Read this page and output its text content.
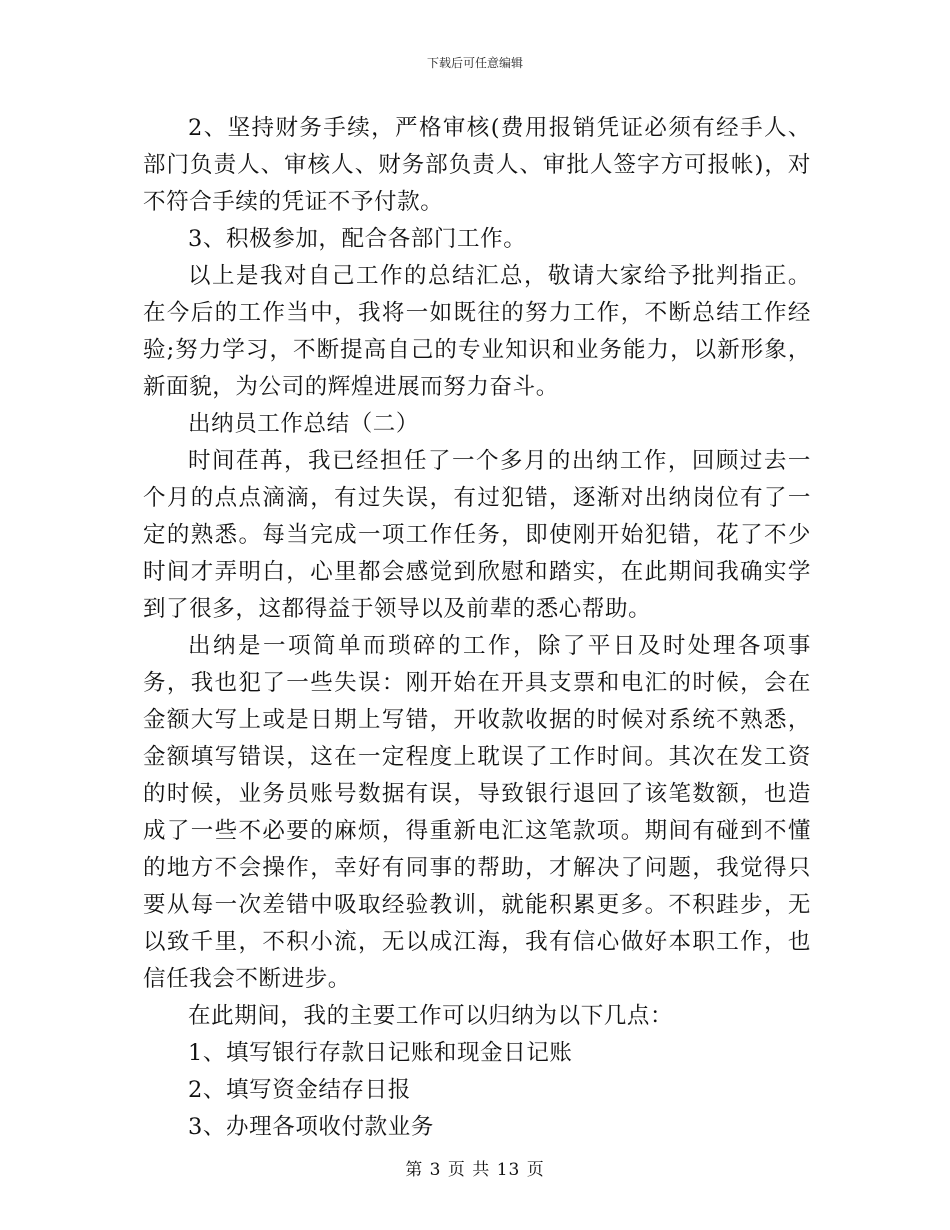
下载后可任意编辑

2、坚持财务手续，严格审核(费用报销凭证必须有经手人、部门负责人、审核人、财务部负责人、审批人签字方可报帐)，对不符合手续的凭证不予付款。

3、积极参加，配合各部门工作。

以上是我对自己工作的总结汇总，敬请大家给予批判指正。在今后的工作当中，我将一如既往的努力工作，不断总结工作经验;努力学习，不断提高自己的专业知识和业务能力，以新形象，新面貌，为公司的辉煌进展而努力奋斗。

出纳员工作总结（二）

时间荏苒，我已经担任了一个多月的出纳工作，回顾过去一个月的点点滴滴，有过失误，有过犯错，逐渐对出纳岗位有了一定的熟悉。每当完成一项工作任务，即使刚开始犯错，花了不少时间才弄明白，心里都会感觉到欣慰和踏实，在此期间我确实学到了很多，这都得益于领导以及前辈的悉心帮助。

出纳是一项简单而琐碎的工作，除了平日及时处理各项事务，我也犯了一些失误：刚开始在开具支票和电汇的时候，会在金额大写上或是日期上写错，开收款收据的时候对系统不熟悉，金额填写错误，这在一定程度上耽误了工作时间。其次在发工资的时候，业务员账号数据有误，导致银行退回了该笔数额，也造成了一些不必要的麻烦，得重新电汇这笔款项。期间有碰到不懂的地方不会操作，幸好有同事的帮助，才解决了问题，我觉得只要从每一次差错中吸取经验教训，就能积累更多。不积跬步，无以致千里，不积小流，无以成江海，我有信心做好本职工作，也信任我会不断进步。

在此期间，我的主要工作可以归纳为以下几点：

1、填写银行存款日记账和现金日记账

2、填写资金结存日报

3、办理各项收付款业务

第 3 页 共 13 页
